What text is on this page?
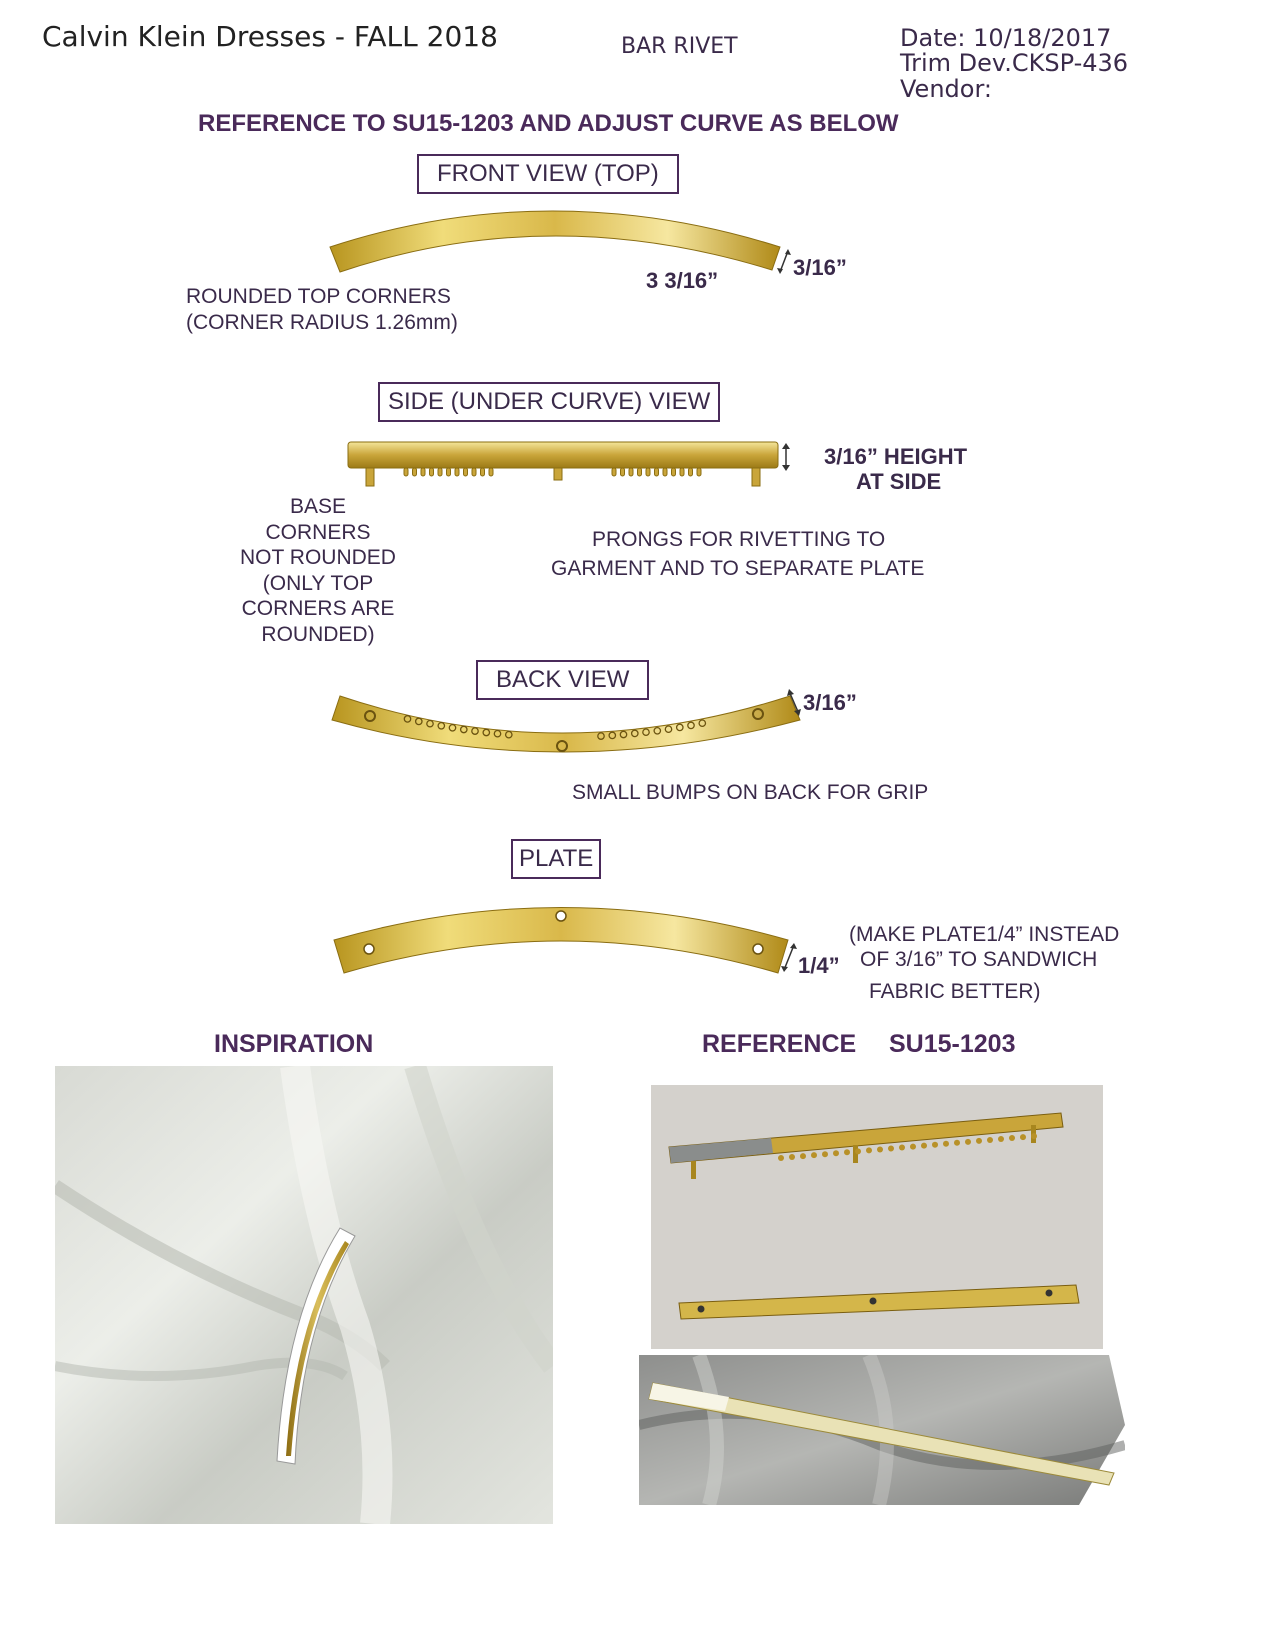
Calvin Klein Dresses - FALL 2018	BAR RIVET	Date: 10/18/2017
Trim Dev.CKSP-436
Vendor:
REFERENCE TO SU15-1203 AND ADJUST CURVE AS BELOW
FRONT VIEW (TOP)
3 3/16”
3/16”
ROUNDED TOP CORNERS
(CORNER RADIUS 1.26mm)
SIDE (UNDER CURVE) VIEW
3/16” HEIGHT
AT SIDE
BASE
CORNERS
NOT ROUNDED
(ONLY TOP
CORNERS ARE
ROUNDED)
PRONGS FOR RIVETTING TO
GARMENT AND TO SEPARATE PLATE
BACK VIEW
3/16”
SMALL BUMPS ON BACK FOR GRIP
PLATE
1/4”
(MAKE PLATE1/4” INSTEAD
OF 3/16” TO SANDWICH
FABRIC BETTER)
INSPIRATION	REFERENCE SU15-1203
